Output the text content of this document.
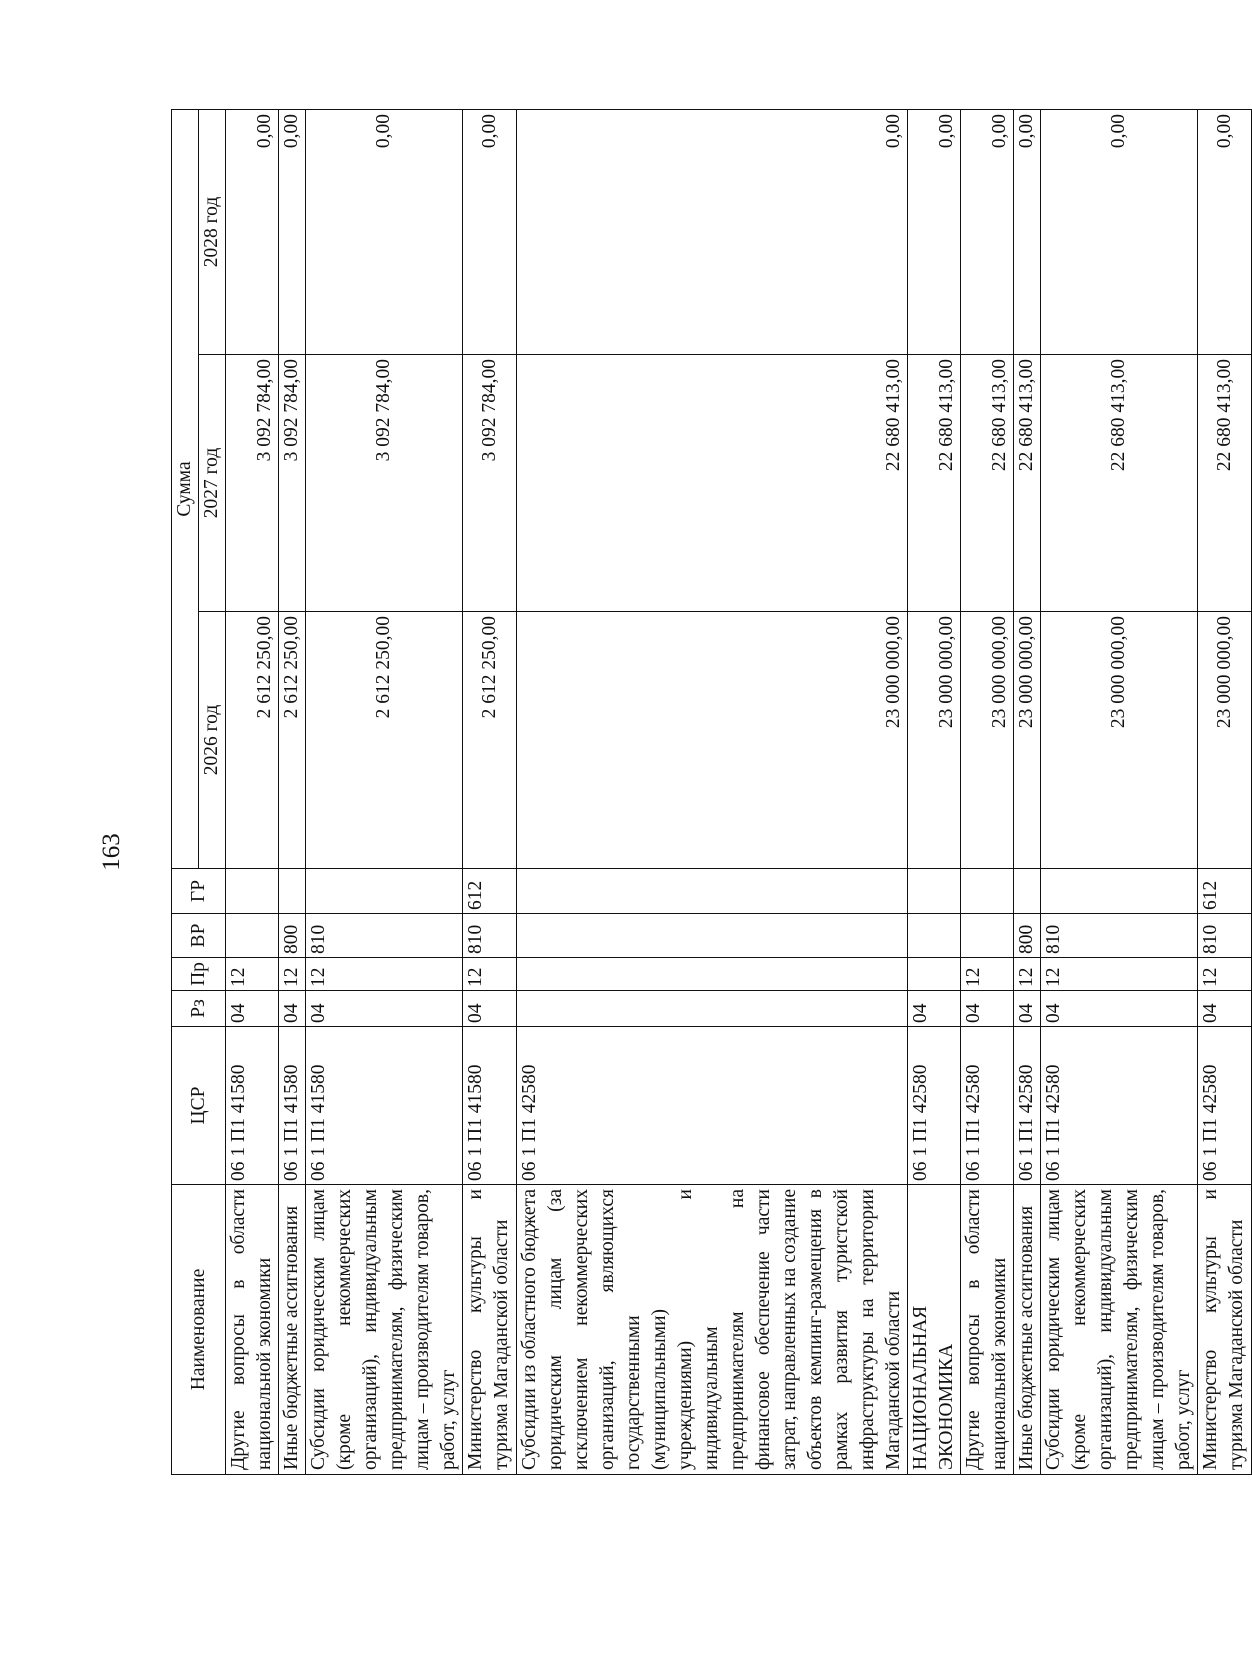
163
Наименование	ЦСР	Рз	Пр	ВР	ГР	Сумма		
						2026 год	2027 год	2028 год
Другие вопросы в области национальной экономики	06 1 П1 41580	04	12			2 612 250,00	3 092 784,00	0,00
Иные бюджетные ассигнования	06 1 П1 41580	04	12	800		2 612 250,00	3 092 784,00	0,00
Субсидии юридическим лицам (кроме некоммерческих организаций), индивидуальным предпринимателям, физическим лицам – производителям товаров, работ, услуг	06 1 П1 41580	04	12	810		2 612 250,00	3 092 784,00	0,00
Министерство культуры и туризма Магаданской области	06 1 П1 41580	04	12	810	612	2 612 250,00	3 092 784,00	0,00
Субсидии из областного бюджета юридическим лицам (за исключением некоммерческих организаций, являющихся государственными (муниципальными) учреждениями) и индивидуальным предпринимателям на финансовое обеспечение части затрат, направленных на создание объектов кемпинг-размещения в рамках развития туристской инфраструктуры на территории Магаданской области	06 1 П1 42580					23 000 000,00	22 680 413,00	0,00
НАЦИОНАЛЬНАЯ ЭКОНОМИКА	06 1 П1 42580	04				23 000 000,00	22 680 413,00	0,00
Другие вопросы в области национальной экономики	06 1 П1 42580	04	12			23 000 000,00	22 680 413,00	0,00
Иные бюджетные ассигнования	06 1 П1 42580	04	12	800		23 000 000,00	22 680 413,00	0,00
Субсидии юридическим лицам (кроме некоммерческих организаций), индивидуальным предпринимателям, физическим лицам – производителям товаров, работ, услуг	06 1 П1 42580	04	12	810		23 000 000,00	22 680 413,00	0,00
Министерство культуры и туризма Магаданской области	06 1 П1 42580	04	12	810	612	23 000 000,00	22 680 413,00	0,00
